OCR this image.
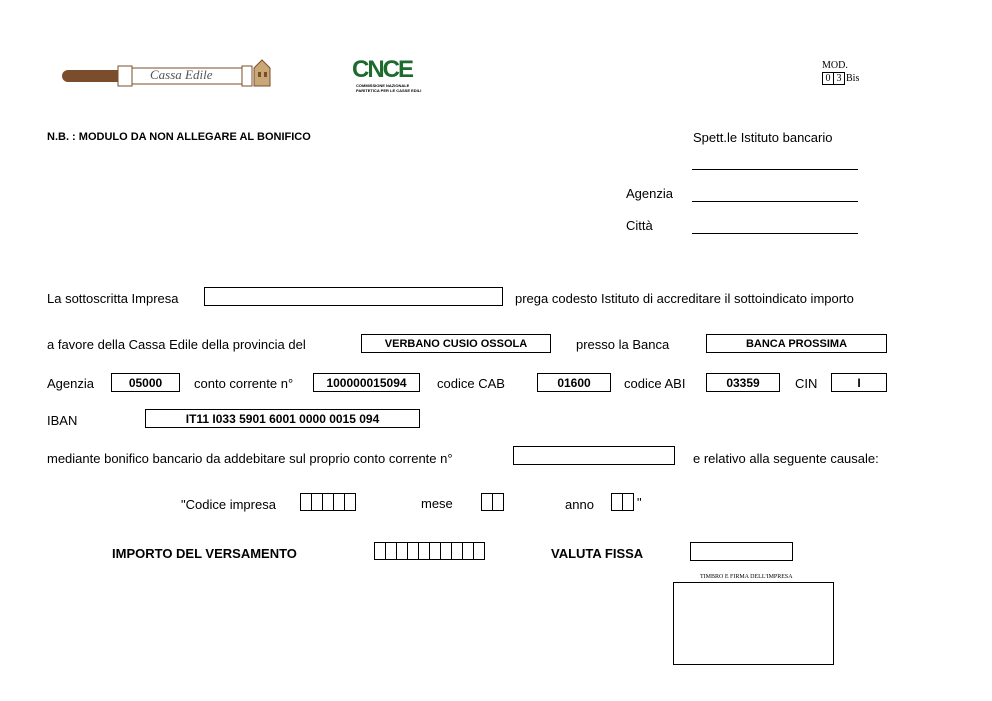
Cassa Edile	CNCE
COMMISSIONE NAZIONALE
PARITETICA PER LE CASSE EDILI
MOD.
0 3 Bis
N.B. : MODULO DA NON ALLEGARE AL BONIFICO	Spett.le Istituto bancario
Agenzia
Città
La sottoscritta Impresa	prega codesto Istituto di accreditare il sottoindicato importo
a favore della Cassa Edile della provincia del	VERBANO CUSIO OSSOLA	presso la Banca	BANCA PROSSIMA
Agenzia	05000	conto corrente n°	100000015094	codice CAB	01600	codice ABI	03359	CIN	I
IBAN	IT11 I033 5901 6001 0000 0015 094
mediante bonifico bancario da addebitare sul proprio conto corrente n°	e relativo alla seguente causale:
"Codice impresa	mese	anno	"
IMPORTO DEL VERSAMENTO	VALUTA FISSA
TIMBRO E FIRMA DELL'IMPRESA
